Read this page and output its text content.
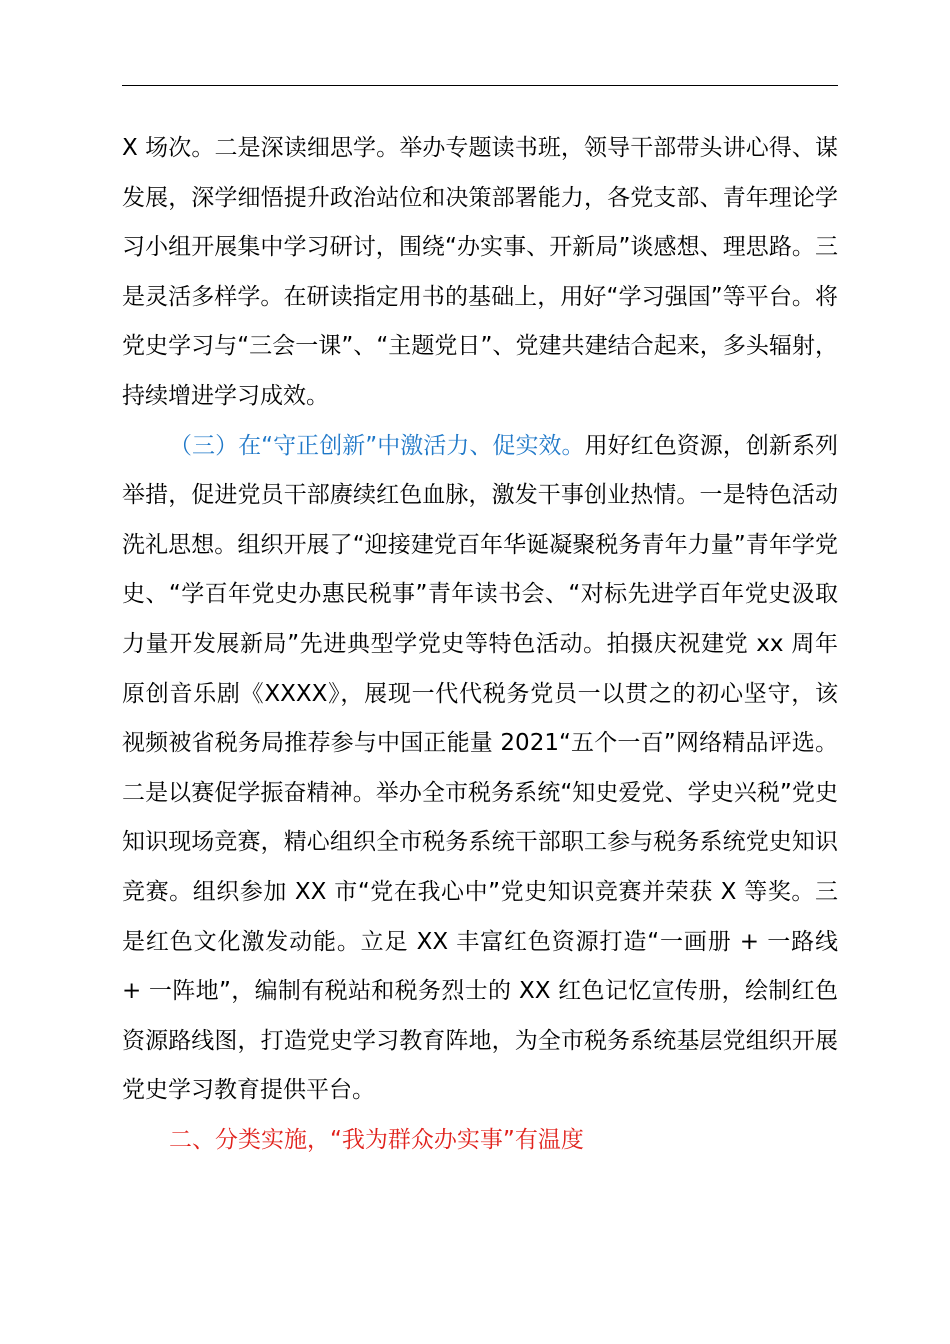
X 场次。二是深读细思学。举办专题读书班，领导干部带头讲心得、谋发展，深学细悟提升政治站位和决策部署能力，各党支部、青年理论学习小组开展集中学习研讨，围绕“办实事、开新局”谈感想、理思路。三是灵活多样学。在研读指定用书的基础上，用好“学习强国”等平台。将党史学习与“三会一课”、“主题党日”、党建共建结合起来，多头辐射，持续增进学习成效。

（三）在“守正创新”中激活力、促实效。用好红色资源，创新系列举措，促进党员干部赓续红色血脉，激发干事创业热情。一是特色活动洗礼思想。组织开展了“迎接建党百年华诞凝聚税务青年力量”青年学党史、“学百年党史办惠民税事”青年读书会、“对标先进学百年党史汲取力量开发展新局”先进典型学党史等特色活动。拍摄庆祝建党 xx 周年原创音乐剧《XXXX》，展现一代代税务党员一以贯之的初心坚守，该视频被省税务局推荐参与中国正能量 2021“五个一百”网络精品评选。二是以赛促学振奋精神。举办全市税务系统“知史爱党、学史兴税”党史知识现场竞赛，精心组织全市税务系统干部职工参与税务系统党史知识竞赛。组织参加 XX 市“党在我心中”党史知识竞赛并荣获 X 等奖。三是红色文化激发动能。立足 XX 丰富红色资源打造“一画册 + 一路线 + 一阵地”，编制有税站和税务烈士的 XX 红色记忆宣传册，绘制红色资源路线图，打造党史学习教育阵地，为全市税务系统基层党组织开展党史学习教育提供平台。

二、分类实施，“我为群众办实事”有温度
